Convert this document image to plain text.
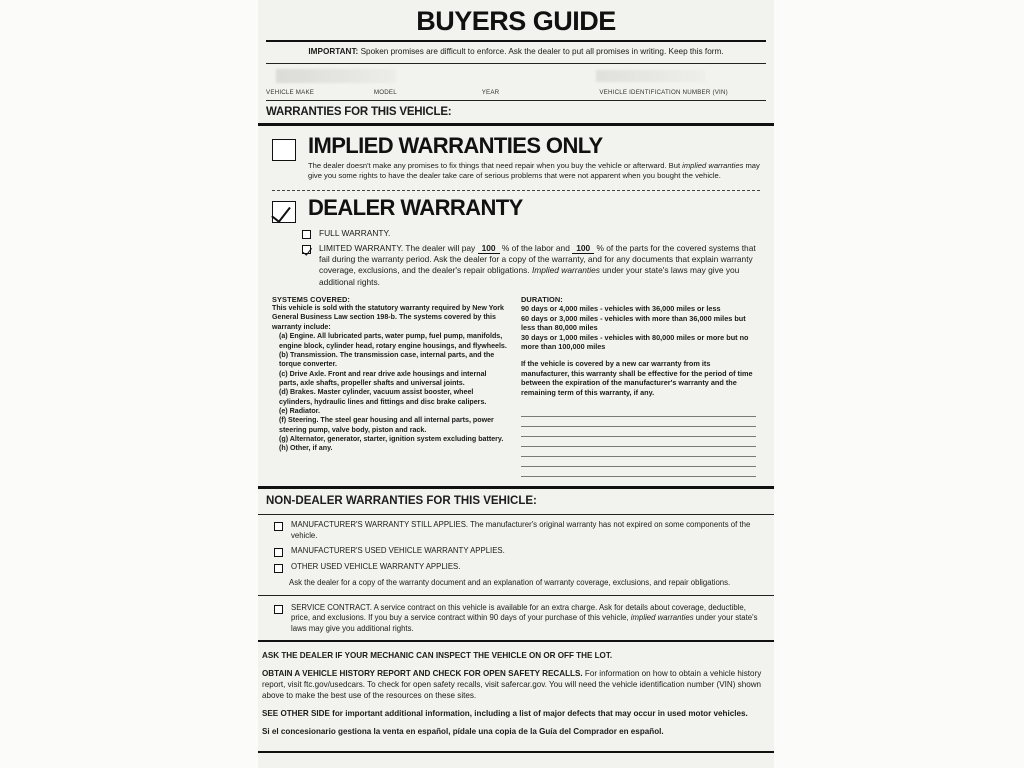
BUYERS GUIDE
IMPORTANT: Spoken promises are difficult to enforce. Ask the dealer to put all promises in writing. Keep this form.
VEHICLE MAKE	MODEL	YEAR	VEHICLE IDENTIFICATION NUMBER (VIN)
WARRANTIES FOR THIS VEHICLE:
IMPLIED WARRANTIES ONLY
The dealer doesn't make any promises to fix things that need repair when you buy the vehicle or afterward. But implied warranties may give you some rights to have the dealer take care of serious problems that were not apparent when you bought the vehicle.
DEALER WARRANTY
FULL WARRANTY.
LIMITED WARRANTY. The dealer will pay 100 % of the labor and 100 % of the parts for the covered systems that fail during the warranty period. Ask the dealer for a copy of the warranty, and for any documents that explain warranty coverage, exclusions, and the dealer's repair obligations. Implied warranties under your state's laws may give you additional rights.
SYSTEMS COVERED:
This vehicle is sold with the statutory warranty required by New York General Business Law section 198-b. The systems covered by this warranty include:
(a) Engine. All lubricated parts, water pump, fuel pump, manifolds, engine block, cylinder head, rotary engine housings, and flywheels.
(b) Transmission. The transmission case, internal parts, and the torque converter.
(c) Drive Axle. Front and rear drive axle housings and internal parts, axle shafts, propeller shafts and universal joints.
(d) Brakes. Master cylinder, vacuum assist booster, wheel cylinders, hydraulic lines and fittings and disc brake calipers.
(e) Radiator.
(f) Steering. The steel gear housing and all internal parts, power steering pump, valve body, piston and rack.
(g) Alternator, generator, starter, ignition system excluding battery.
(h) Other, if any.
DURATION:
90 days or 4,000 miles - vehicles with 36,000 miles or less
60 days or 3,000 miles - vehicles with more than 36,000 miles but less than 80,000 miles
30 days or 1,000 miles - vehicles with 80,000 miles or more but no more than 100,000 miles
If the vehicle is covered by a new car warranty from its manufacturer, this warranty shall be effective for the period of time between the expiration of the manufacturer's warranty and the remaining term of this warranty, if any.
NON-DEALER WARRANTIES FOR THIS VEHICLE:
MANUFACTURER'S WARRANTY STILL APPLIES. The manufacturer's original warranty has not expired on some components of the vehicle.
MANUFACTURER'S USED VEHICLE WARRANTY APPLIES.
OTHER USED VEHICLE WARRANTY APPLIES.
Ask the dealer for a copy of the warranty document and an explanation of warranty coverage, exclusions, and repair obligations.
SERVICE CONTRACT. A service contract on this vehicle is available for an extra charge. Ask for details about coverage, deductible, price, and exclusions. If you buy a service contract within 90 days of your purchase of this vehicle, implied warranties under your state's laws may give you additional rights.

ASK THE DEALER IF YOUR MECHANIC CAN INSPECT THE VEHICLE ON OR OFF THE LOT.

OBTAIN A VEHICLE HISTORY REPORT AND CHECK FOR OPEN SAFETY RECALLS. For information on how to obtain a vehicle history report, visit ftc.gov/usedcars. To check for open safety recalls, visit safercar.gov. You will need the vehicle identification number (VIN) shown above to make the best use of the resources on these sites.

SEE OTHER SIDE for important additional information, including a list of major defects that may occur in used motor vehicles.

Si el concesionario gestiona la venta en español, pídale una copia de la Guía del Comprador en español.
